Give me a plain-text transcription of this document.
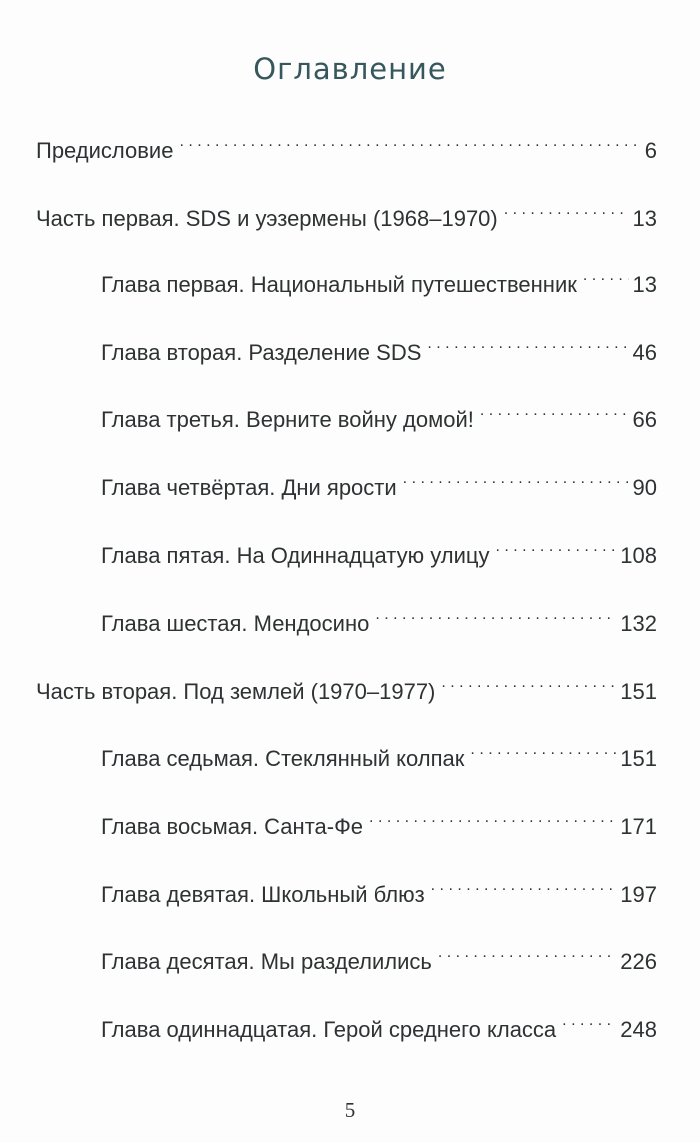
Оглавление
Предисловие . . .	6
Часть первая. SDS и уэзермены (1968–1970) . . .	13
Глава первая. Национальный путешественник . . .	13
Глава вторая. Разделение SDS . . .	46
Глава третья. Верните войну домой! . . .	66
Глава четвёртая. Дни ярости . . .	90
Глава пятая. На Одиннадцатую улицу . . .	108
Глава шестая. Мендосино . . .	132
Часть вторая. Под землей (1970–1977) . . .	151
Глава седьмая. Стеклянный колпак . . .	151
Глава восьмая. Санта-Фе . . .	171
Глава девятая. Школьный блюз . . .	197
Глава десятая. Мы разделились . . .	226
Глава одиннадцатая. Герой среднего класса . . .	248

5
